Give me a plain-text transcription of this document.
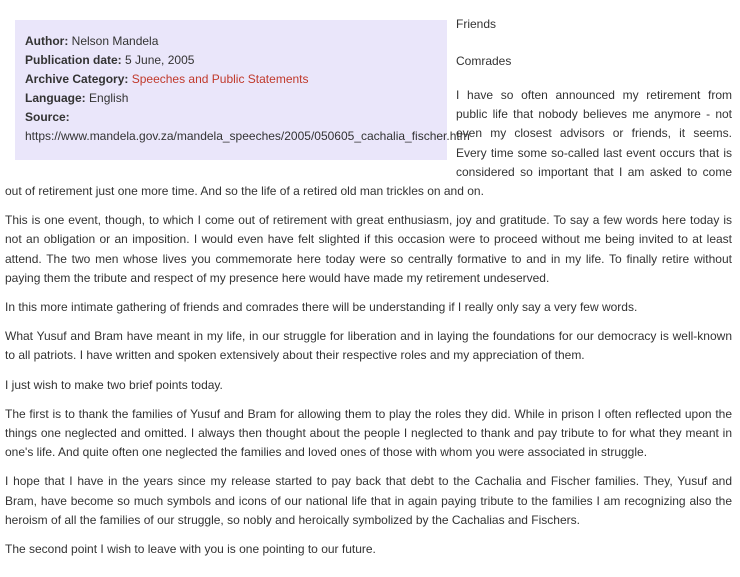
Author: Nelson Mandela
Publication date: 5 June, 2005
Archive Category: Speeches and Public Statements
Language: English
Source:
https://www.mandela.gov.za/mandela_speeches/2005/050605_cachalia_fischer.htm
Friends
Comrades

I have so often announced my retirement from public life that nobody believes me anymore - not even my closest advisors or friends, it seems. Every time some so-called last event occurs that is considered so important that I am asked to come out of retirement just one more time. And so the life of a retired old man trickles on and on.

This is one event, though, to which I come out of retirement with great enthusiasm, joy and gratitude. To say a few words here today is not an obligation or an imposition. I would even have felt slighted if this occasion were to proceed without me being invited to at least attend. The two men whose lives you commemorate here today were so centrally formative to and in my life. To finally retire without paying them the tribute and respect of my presence here would have made my retirement undeserved.

In this more intimate gathering of friends and comrades there will be understanding if I really only say a very few words.

What Yusuf and Bram have meant in my life, in our struggle for liberation and in laying the foundations for our democracy is well-known to all patriots. I have written and spoken extensively about their respective roles and my appreciation of them.

I just wish to make two brief points today.

The first is to thank the families of Yusuf and Bram for allowing them to play the roles they did. While in prison I often reflected upon the things one neglected and omitted. I always then thought about the people I neglected to thank and pay tribute to for what they meant in one's life. And quite often one neglected the families and loved ones of those with whom you were associated in struggle.

I hope that I have in the years since my release started to pay back that debt to the Cachalia and Fischer families. They, Yusuf and Bram, have become so much symbols and icons of our national life that in again paying tribute to the families I am recognizing also the heroism of all the families of our struggle, so nobly and heroically symbolized by the Cachalias and Fischers.

The second point I wish to leave with you is one pointing to our future.
